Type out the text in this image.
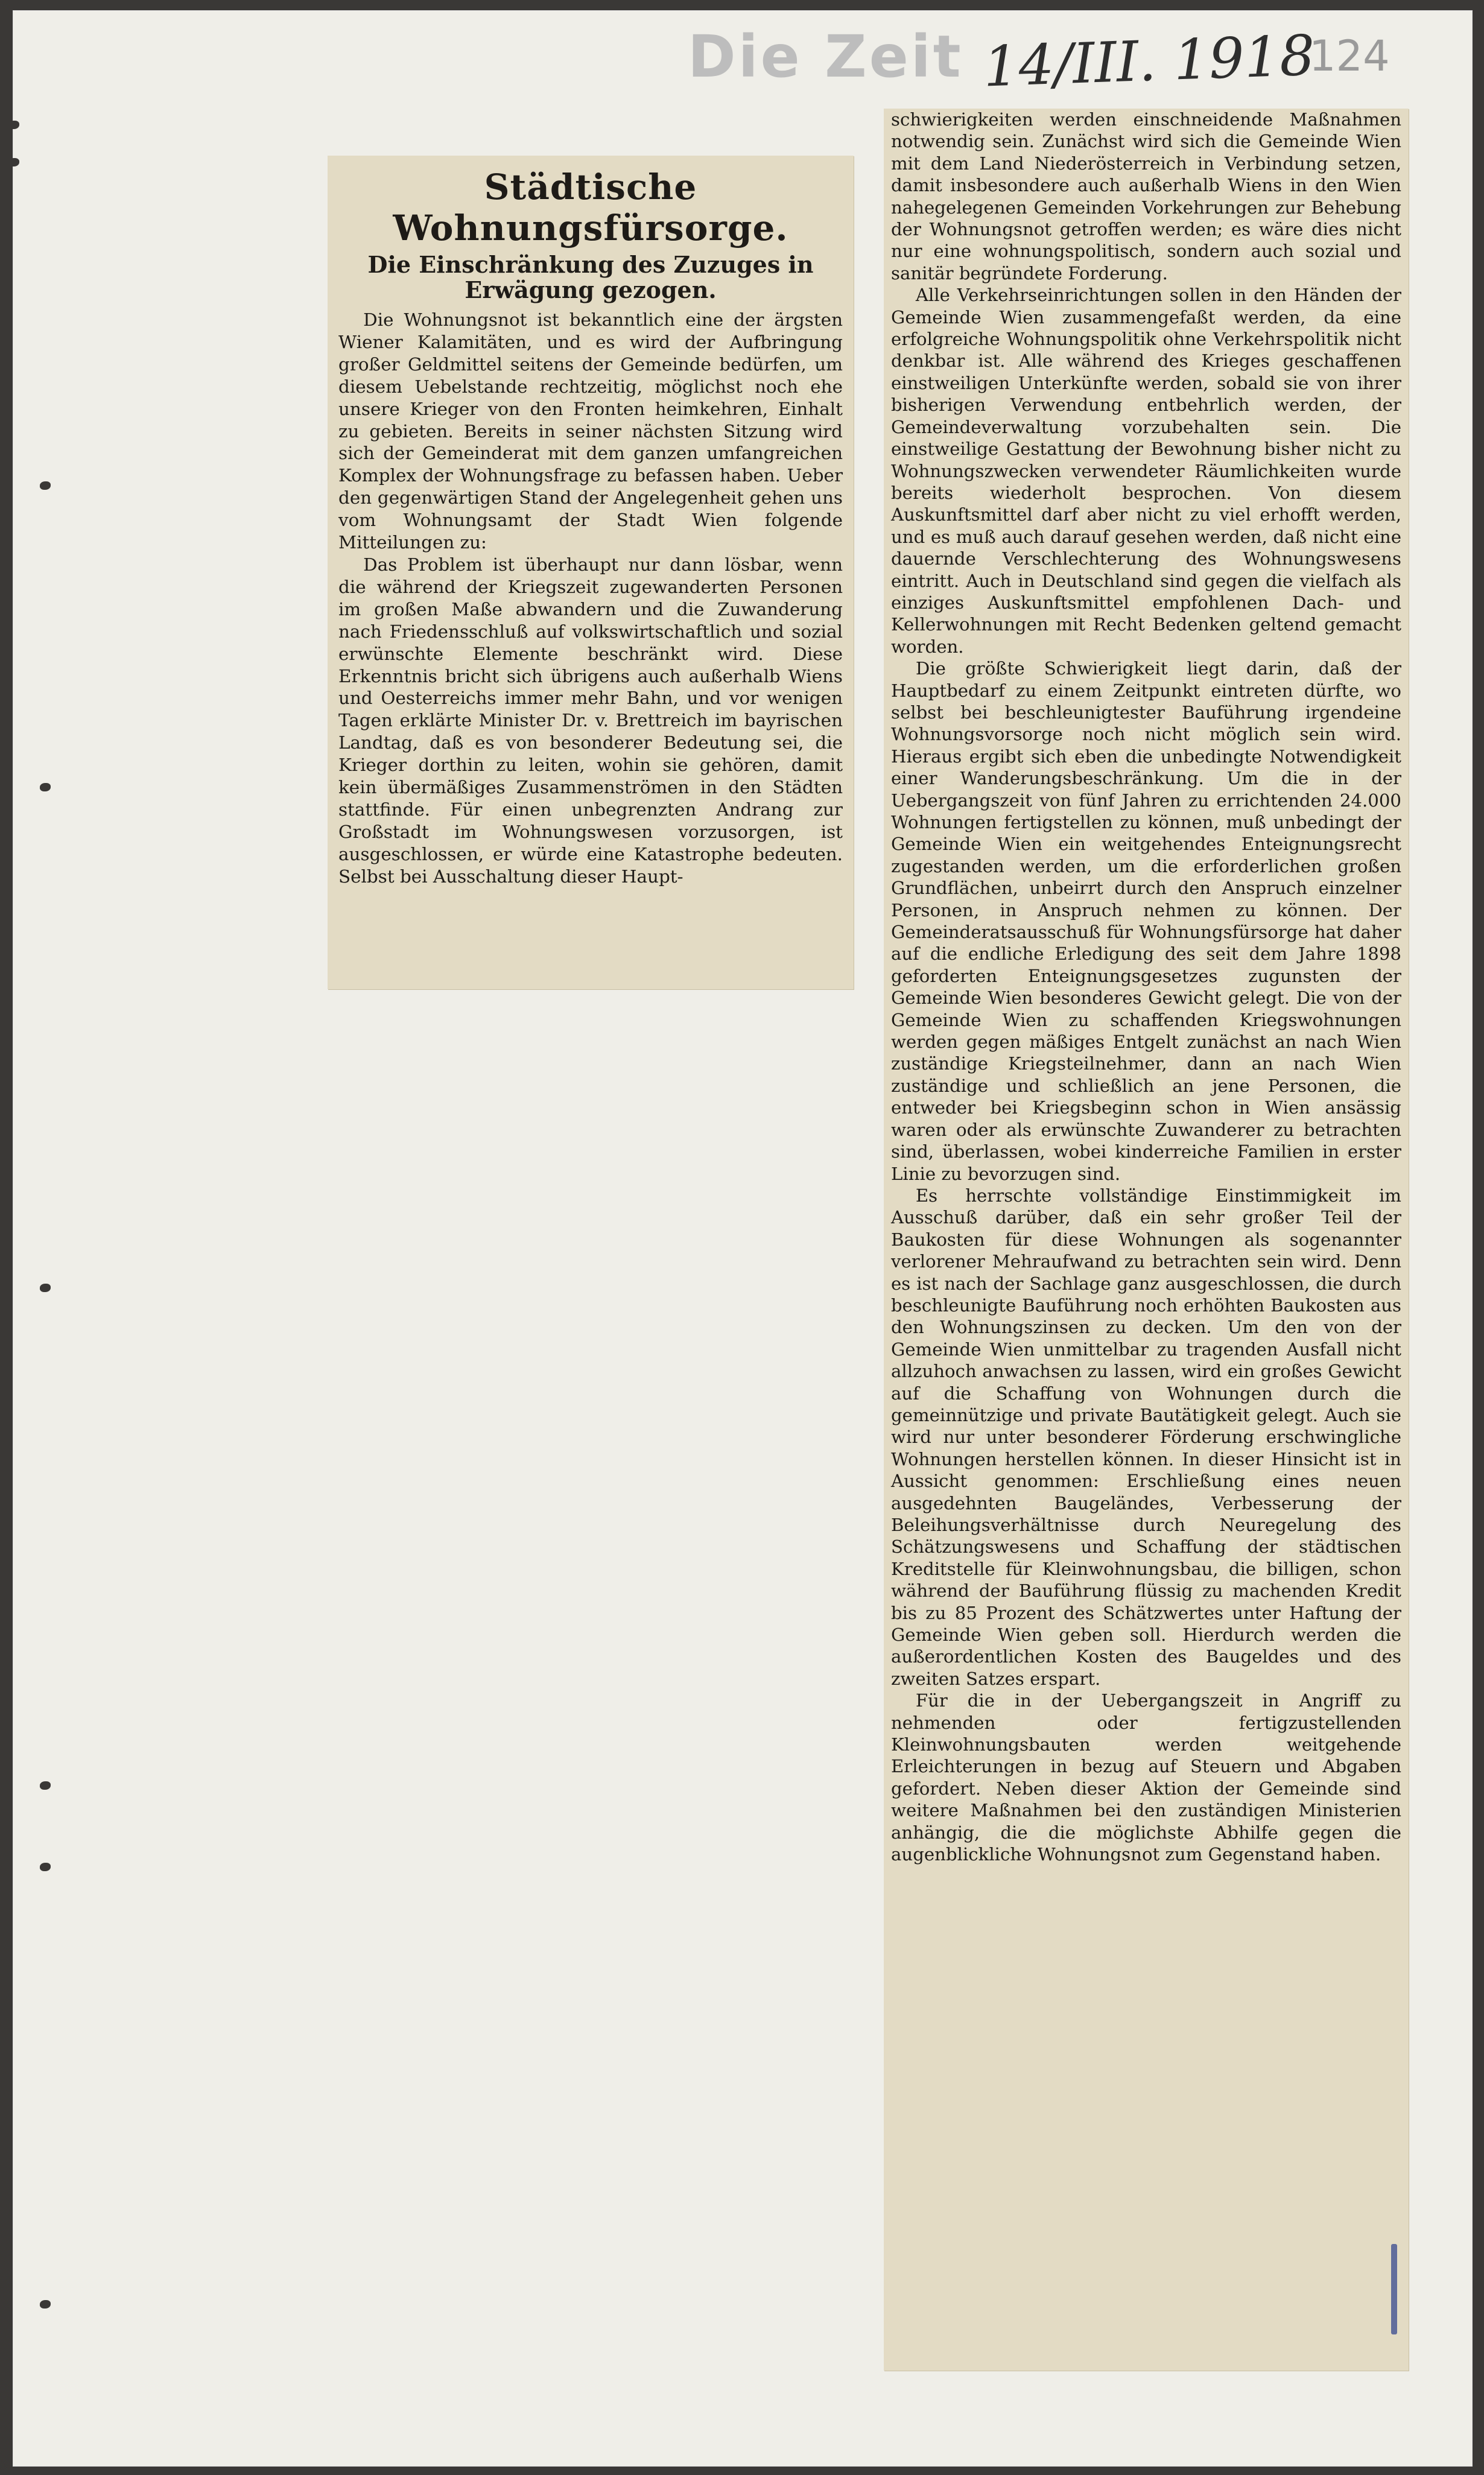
Die Zeit 14/III. 1918
124
Städtische Wohnungsfürsorge.
Die Einschränkung des Zuzuges in Erwägung gezogen.

Die Wohnungsnot ist bekanntlich eine der ärgsten Wiener Kalamitäten, und es wird der Aufbringung großer Geldmittel seitens der Gemeinde bedürfen, um diesem Uebelstande rechtzeitig, möglichst noch ehe unsere Krieger von den Fronten heimkehren, Einhalt zu gebieten. Bereits in seiner nächsten Sitzung wird sich der Gemeinderat mit dem ganzen umfangreichen Komplex der Wohnungsfrage zu befassen haben. Ueber den gegenwärtigen Stand der Angelegenheit gehen uns vom Wohnungsamt der Stadt Wien folgende Mitteilungen zu:

Das Problem ist überhaupt nur dann lösbar, wenn die während der Kriegszeit zugewanderten Personen im großen Maße abwandern und die Zuwanderung nach Friedensschluß auf volkswirtschaftlich und sozial erwünschte Elemente beschränkt wird. Diese Erkenntnis bricht sich übrigens auch außerhalb Wiens und Oesterreichs immer mehr Bahn, und vor wenigen Tagen erklärte Minister Dr. v. Brettreich im bayrischen Landtag, daß es von besonderer Bedeutung sei, die Krieger dorthin zu leiten, wohin sie gehören, damit kein übermäßiges Zusammenströmen in den Städten stattfinde. Für einen unbegrenzten Andrang zur Großstadt im Wohnungswesen vorzusorgen, ist ausgeschlossen, er würde eine Katastrophe bedeuten. Selbst bei Ausschaltung dieser Haupt-

schwierigkeiten werden einschneidende Maßnahmen notwendig sein. Zunächst wird sich die Gemeinde Wien mit dem Land Niederösterreich in Verbindung setzen, damit insbesondere auch außerhalb Wiens in den Wien nahegelegenen Gemeinden Vorkehrungen zur Behebung der Wohnungsnot getroffen werden; es wäre dies nicht nur eine wohnungspolitisch, sondern auch sozial und sanitär begründete Forderung.

Alle Verkehrseinrichtungen sollen in den Händen der Gemeinde Wien zusammengefaßt werden, da eine erfolgreiche Wohnungspolitik ohne Verkehrspolitik nicht denkbar ist. Alle während des Krieges geschaffenen einstweiligen Unterkünfte werden, sobald sie von ihrer bisherigen Verwendung entbehrlich werden, der Gemeindeverwaltung vorzubehalten sein. Die einstweilige Gestattung der Bewohnung bisher nicht zu Wohnungszwecken verwendeter Räumlichkeiten wurde bereits wiederholt besprochen. Von diesem Auskunftsmittel darf aber nicht zu viel erhofft werden, und es muß auch darauf gesehen werden, daß nicht eine dauernde Verschlechterung des Wohnungswesens eintritt. Auch in Deutschland sind gegen die vielfach als einziges Auskunftsmittel empfohlenen Dach- und Kellerwohnungen mit Recht Bedenken geltend gemacht worden.

Die größte Schwierigkeit liegt darin, daß der Hauptbedarf zu einem Zeitpunkt eintreten dürfte, wo selbst bei beschleunigtester Bauführung irgendeine Wohnungsvorsorge noch nicht möglich sein wird. Hieraus ergibt sich eben die unbedingte Notwendigkeit einer Wanderungsbeschränkung. Um die in der Uebergangszeit von fünf Jahren zu errichtenden 24.000 Wohnungen fertigstellen zu können, muß unbedingt der Gemeinde Wien ein weitgehendes Enteignungsrecht zugestanden werden, um die erforderlichen großen Grundflächen, unbeirrt durch den Anspruch einzelner Personen, in Anspruch nehmen zu können. Der Gemeinderatsausschuß für Wohnungsfürsorge hat daher auf die endliche Erledigung des seit dem Jahre 1898 geforderten Enteignungsgesetzes zugunsten der Gemeinde Wien besonderes Gewicht gelegt. Die von der Gemeinde Wien zu schaffenden Kriegswohnungen werden gegen mäßiges Entgelt zunächst an nach Wien zuständige Kriegsteilnehmer, dann an nach Wien zuständige und schließlich an jene Personen, die entweder bei Kriegsbeginn schon in Wien ansässig waren oder als erwünschte Zuwanderer zu betrachten sind, überlassen, wobei kinderreiche Familien in erster Linie zu bevorzugen sind.

Es herrschte vollständige Einstimmigkeit im Ausschuß darüber, daß ein sehr großer Teil der Baukosten für diese Wohnungen als sogenannter verlorener Mehraufwand zu betrachten sein wird. Denn es ist nach der Sachlage ganz ausgeschlossen, die durch beschleunigte Bauführung noch erhöhten Baukosten aus den Wohnungszinsen zu decken. Um den von der Gemeinde Wien unmittelbar zu tragenden Ausfall nicht allzuhoch anwachsen zu lassen, wird ein großes Gewicht auf die Schaffung von Wohnungen durch die gemeinnützige und private Bautätigkeit gelegt. Auch sie wird nur unter besonderer Förderung erschwingliche Wohnungen herstellen können. In dieser Hinsicht ist in Aussicht genommen: Erschließung eines neuen ausgedehnten Baugeländes, Verbesserung der Beleihungsverhältnisse durch Neuregelung des Schätzungswesens und Schaffung der städtischen Kreditstelle für Kleinwohnungsbau, die billigen, schon während der Bauführung flüssig zu machenden Kredit bis zu 85 Prozent des Schätzwertes unter Haftung der Gemeinde Wien geben soll. Hierdurch werden die außerordentlichen Kosten des Baugeldes und des zweiten Satzes erspart.

Für die in der Uebergangszeit in Angriff zu nehmenden oder fertigzustellenden Kleinwohnungsbauten werden weitgehende Erleichterungen in bezug auf Steuern und Abgaben gefordert. Neben dieser Aktion der Gemeinde sind weitere Maßnahmen bei den zuständigen Ministerien anhängig, die die möglichste Abhilfe gegen die augenblickliche Wohnungsnot zum Gegenstand haben.
